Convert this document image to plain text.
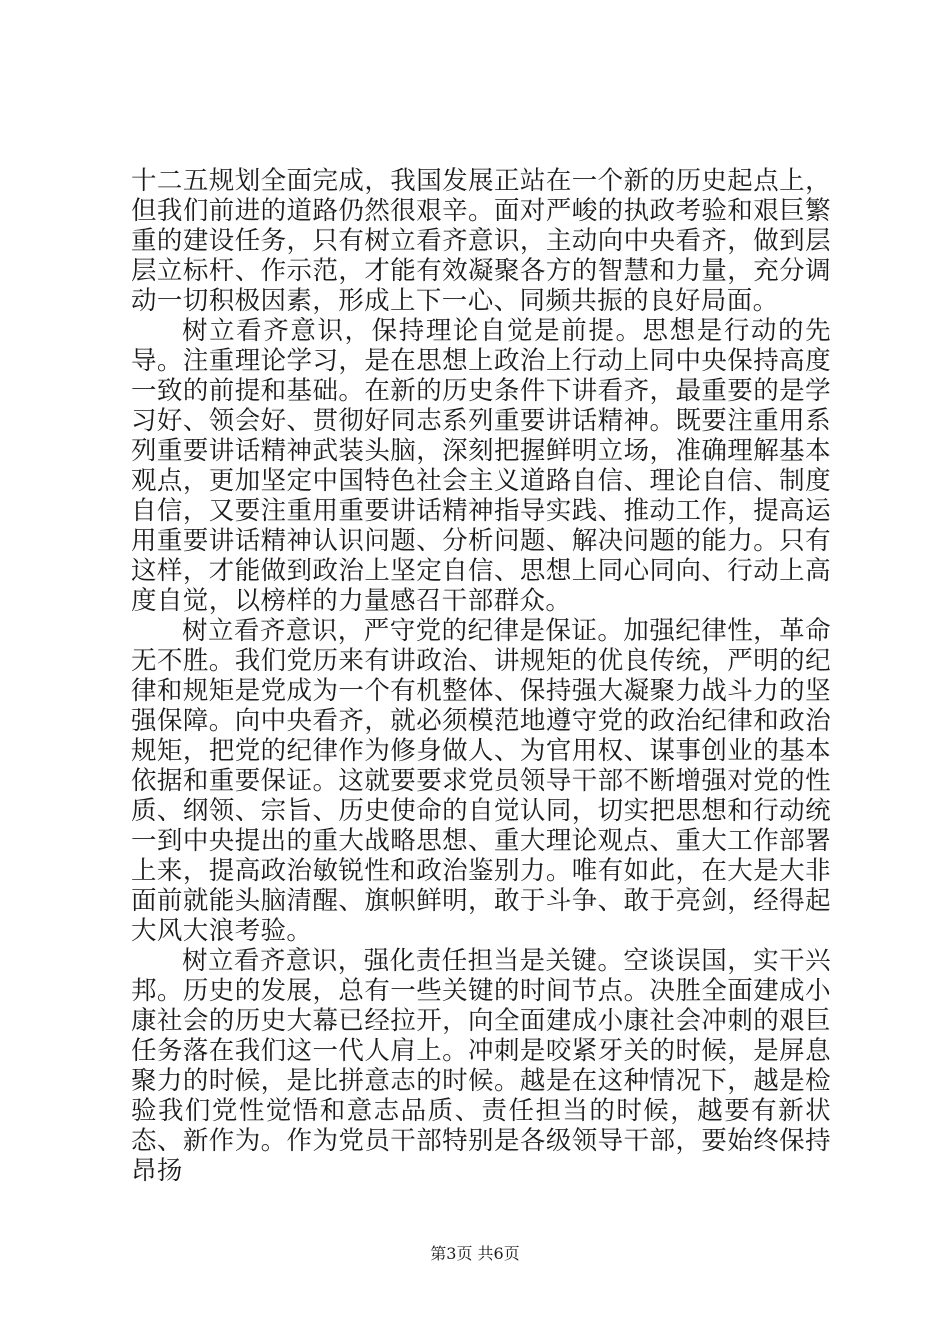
十二五规划全面完成，我国发展正站在一个新的历史起点上，但我们前进的道路仍然很艰辛。面对严峻的执政考验和艰巨繁重的建设任务，只有树立看齐意识，主动向中央看齐，做到层层立标杆、作示范，才能有效凝聚各方的智慧和力量，充分调动一切积极因素，形成上下一心、同频共振的良好局面。

树立看齐意识，保持理论自觉是前提。思想是行动的先导。注重理论学习，是在思想上政治上行动上同中央保持高度一致的前提和基础。在新的历史条件下讲看齐，最重要的是学习好、领会好、贯彻好同志系列重要讲话精神。既要注重用系列重要讲话精神武装头脑，深刻把握鲜明立场，准确理解基本观点，更加坚定中国特色社会主义道路自信、理论自信、制度自信，又要注重用重要讲话精神指导实践、推动工作，提高运用重要讲话精神认识问题、分析问题、解决问题的能力。只有这样，才能做到政治上坚定自信、思想上同心同向、行动上高度自觉，以榜样的力量感召干部群众。

树立看齐意识，严守党的纪律是保证。加强纪律性，革命无不胜。我们党历来有讲政治、讲规矩的优良传统，严明的纪律和规矩是党成为一个有机整体、保持强大凝聚力战斗力的坚强保障。向中央看齐，就必须模范地遵守党的政治纪律和政治规矩，把党的纪律作为修身做人、为官用权、谋事创业的基本依据和重要保证。这就要要求党员领导干部不断增强对党的性质、纲领、宗旨、历史使命的自觉认同，切实把思想和行动统一到中央提出的重大战略思想、重大理论观点、重大工作部署上来，提高政治敏锐性和政治鉴别力。唯有如此，在大是大非面前就能头脑清醒、旗帜鲜明，敢于斗争、敢于亮剑，经得起大风大浪考验。

树立看齐意识，强化责任担当是关键。空谈误国，实干兴邦。历史的发展，总有一些关键的时间节点。决胜全面建成小康社会的历史大幕已经拉开，向全面建成小康社会冲刺的艰巨任务落在我们这一代人肩上。冲刺是咬紧牙关的时候，是屏息聚力的时候，是比拼意志的时候。越是在这种情况下，越是检验我们党性觉悟和意志品质、责任担当的时候，越要有新状态、新作为。作为党员干部特别是各级领导干部，要始终保持昂扬

第3页 共6页
